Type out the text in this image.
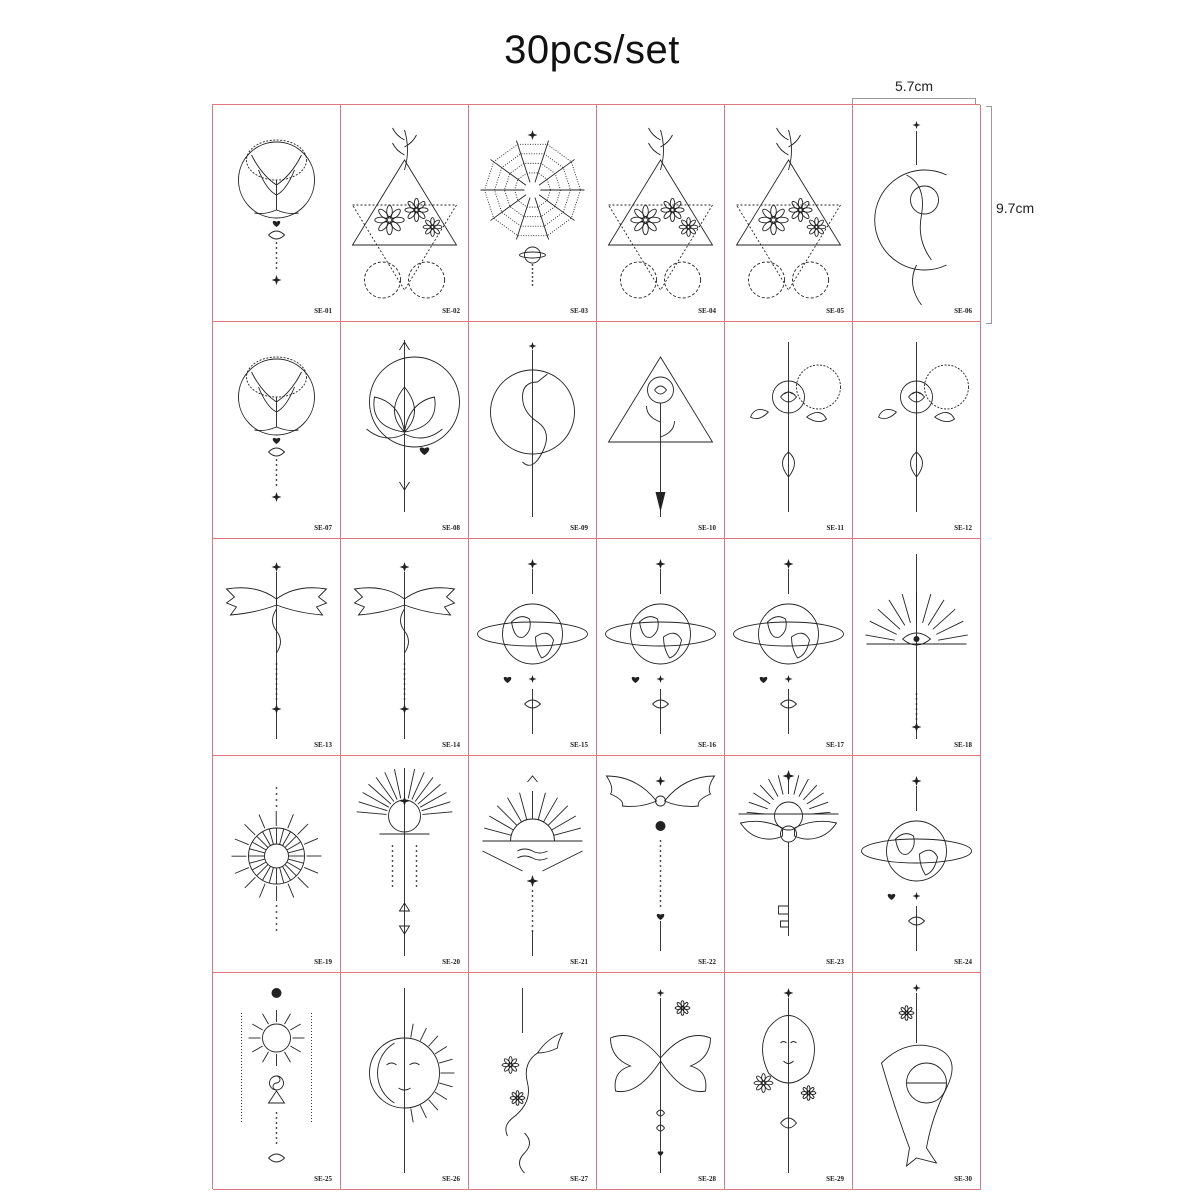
30pcs/set
5.7cm
9.7cm
SE-01	SE-02	SE-03	SE-04	SE-05	SE-06
SE-07	SE-08	SE-09	SE-10	SE-11	SE-12
SE-13	SE-14	SE-15	SE-16	SE-17	SE-18
SE-19	SE-20	SE-21	SE-22	SE-23	SE-24
SE-25	SE-26	SE-27	SE-28	SE-29	SE-30
